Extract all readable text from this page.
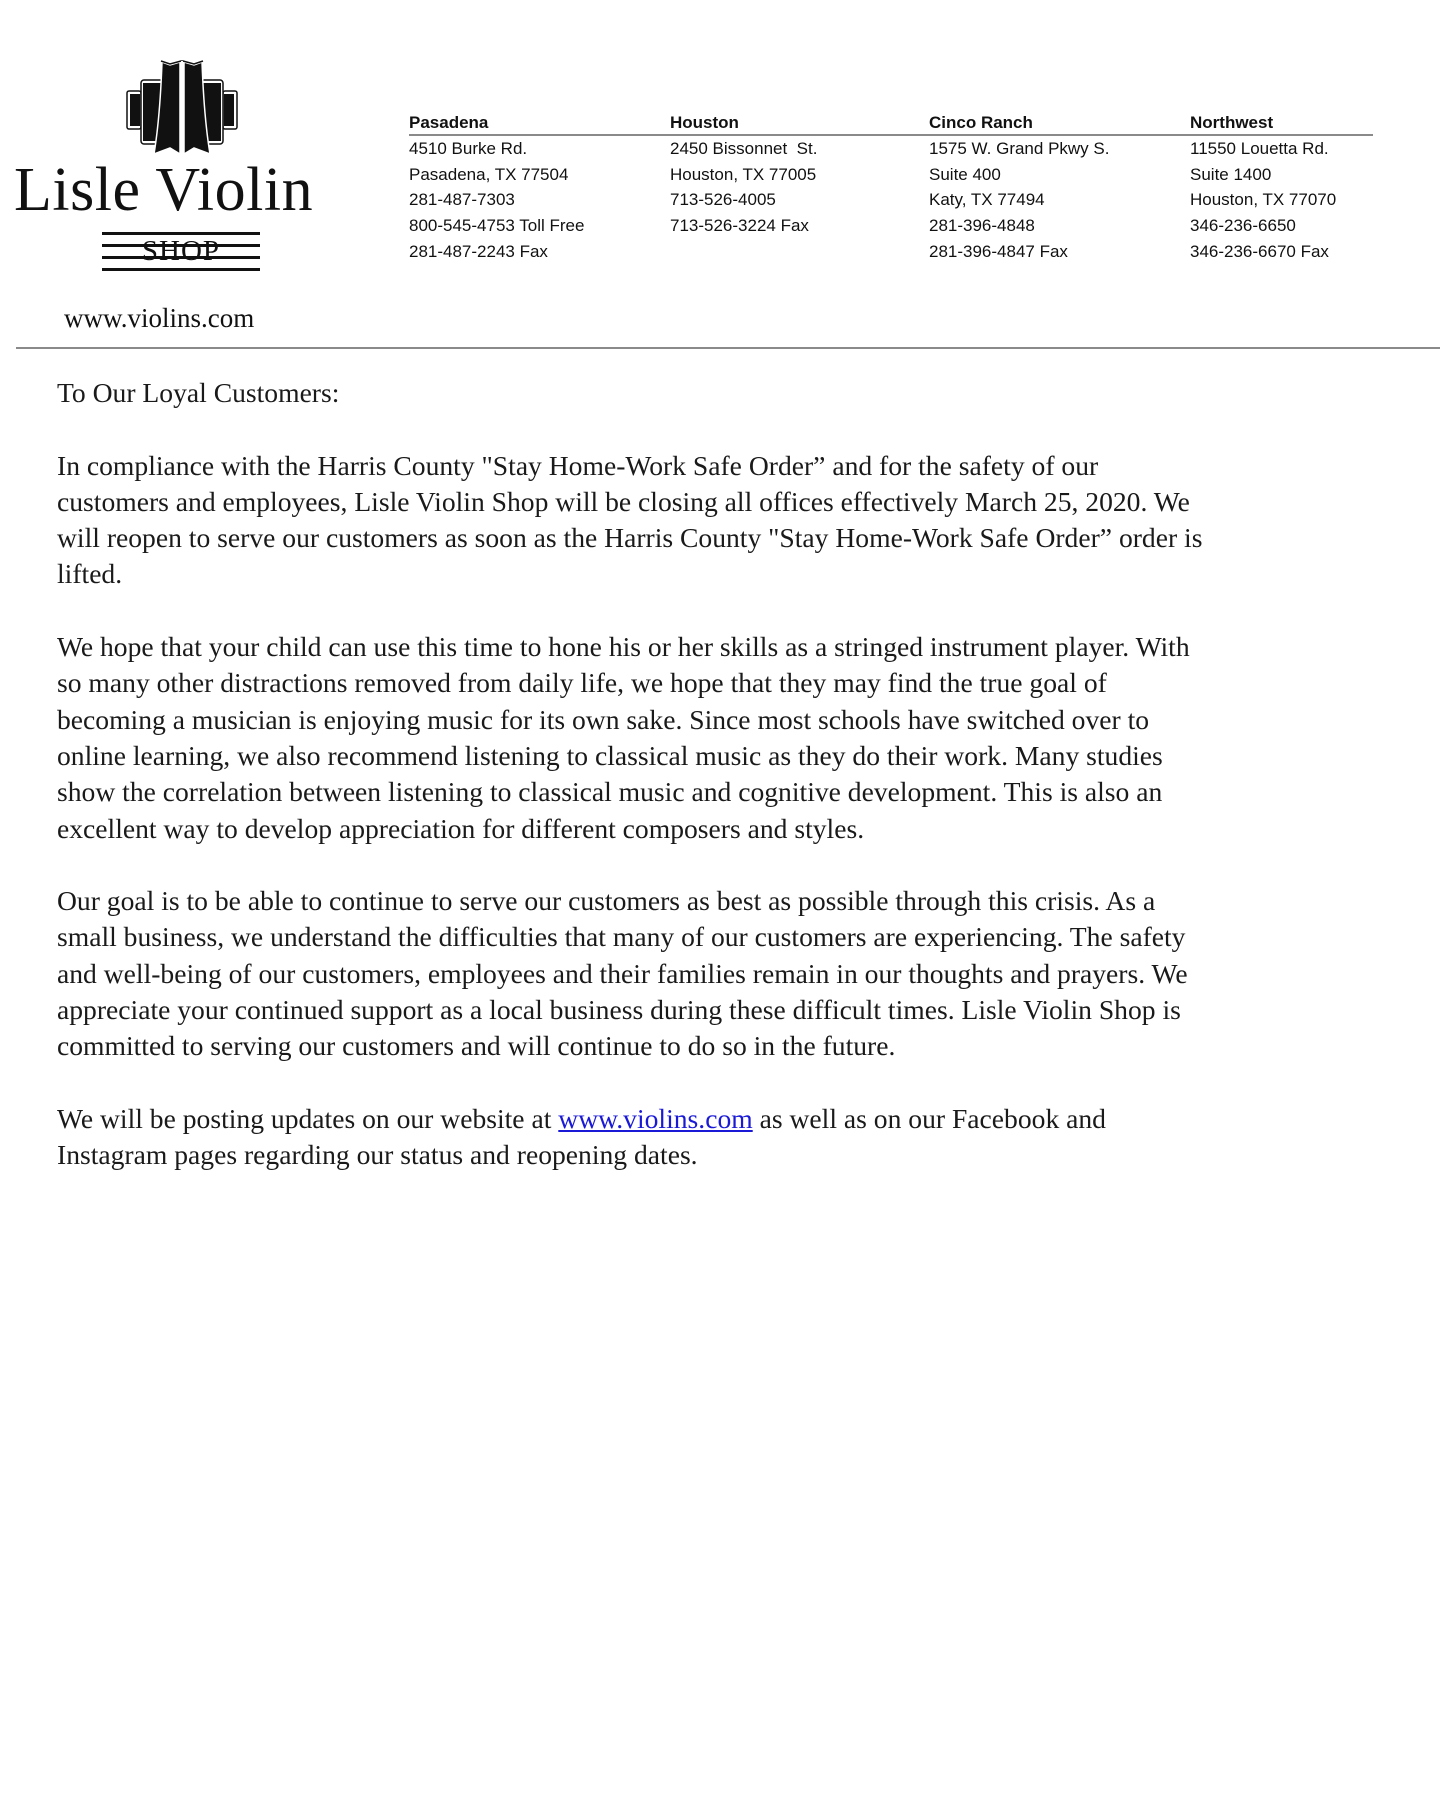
Lisle Violin
SHOP
www.violins.com
Pasadena
4510 Burke Rd.
Pasadena, TX 77504
281-487-7303
800-545-4753 Toll Free
281-487-2243 Fax
Houston
2450 Bissonnet  St.
Houston, TX 77005
713-526-4005
713-526-3224 Fax
Cinco Ranch
1575 W. Grand Pkwy S.
Suite 400
Katy, TX 77494
281-396-4848
281-396-4847 Fax
Northwest
11550 Louetta Rd.
Suite 1400
Houston, TX 77070
346-236-6650
346-236-6670 Fax
To Our Loyal Customers:
In compliance with the Harris County "Stay Home-Work Safe Order” and for the safety of our
customers and employees, Lisle Violin Shop will be closing all offices effectively March 25, 2020. We
will reopen to serve our customers as soon as the Harris County "Stay Home-Work Safe Order” order is
lifted.
We hope that your child can use this time to hone his or her skills as a stringed instrument player. With
so many other distractions removed from daily life, we hope that they may find the true goal of
becoming a musician is enjoying music for its own sake. Since most schools have switched over to
online learning, we also recommend listening to classical music as they do their work. Many studies
show the correlation between listening to classical music and cognitive development. This is also an
excellent way to develop appreciation for different composers and styles.
Our goal is to be able to continue to serve our customers as best as possible through this crisis. As a
small business, we understand the difficulties that many of our customers are experiencing. The safety
and well-being of our customers, employees and their families remain in our thoughts and prayers. We
appreciate your continued support as a local business during these difficult times. Lisle Violin Shop is
committed to serving our customers and will continue to do so in the future.
We will be posting updates on our website at www.violins.com as well as on our Facebook and
Instagram pages regarding our status and reopening dates.
